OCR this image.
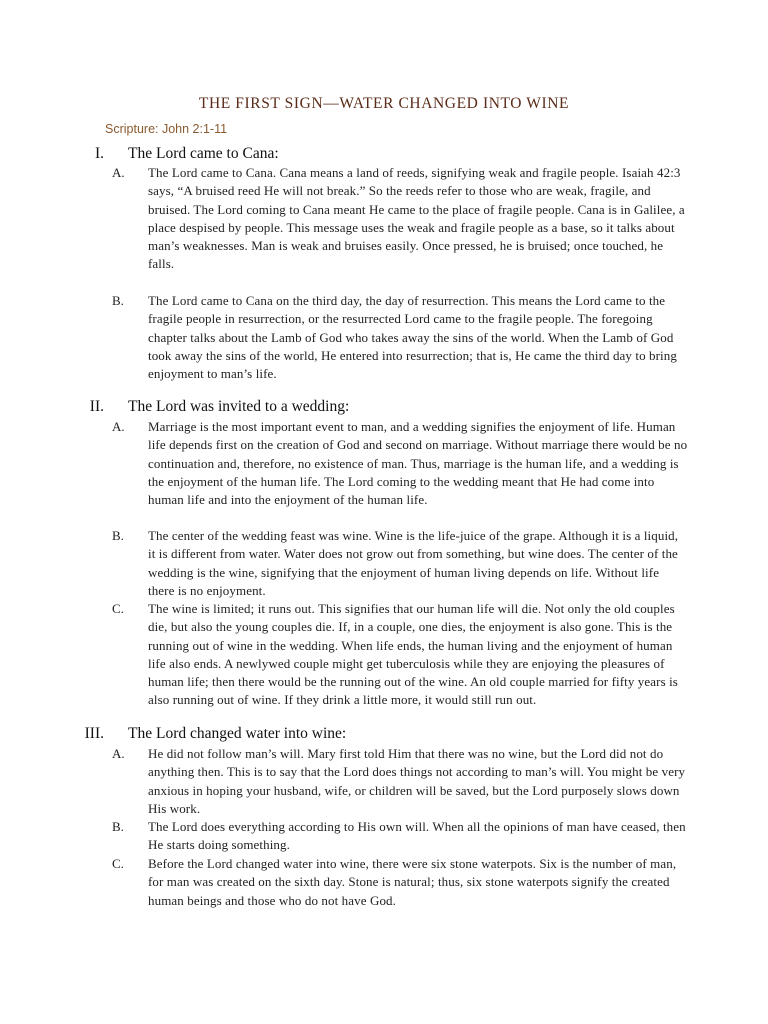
THE FIRST SIGN—WATER CHANGED INTO WINE
Scripture: John 2:1-11
I. The Lord came to Cana:
A. The Lord came to Cana. Cana means a land of reeds, signifying weak and fragile people. Isaiah 42:3 says, “A bruised reed He will not break.” So the reeds refer to those who are weak, fragile, and bruised. The Lord coming to Cana meant He came to the place of fragile people. Cana is in Galilee, a place despised by people. This message uses the weak and fragile people as a base, so it talks about man’s weaknesses. Man is weak and bruises easily. Once pressed, he is bruised; once touched, he falls.
B. The Lord came to Cana on the third day, the day of resurrection. This means the Lord came to the fragile people in resurrection, or the resurrected Lord came to the fragile people. The foregoing chapter talks about the Lamb of God who takes away the sins of the world. When the Lamb of God took away the sins of the world, He entered into resurrection; that is, He came the third day to bring enjoyment to man’s life.
II. The Lord was invited to a wedding:
A. Marriage is the most important event to man, and a wedding signifies the enjoyment of life. Human life depends first on the creation of God and second on marriage. Without marriage there would be no continuation and, therefore, no existence of man. Thus, marriage is the human life, and a wedding is the enjoyment of the human life. The Lord coming to the wedding meant that He had come into human life and into the enjoyment of the human life.
B. The center of the wedding feast was wine. Wine is the life-juice of the grape. Although it is a liquid, it is different from water. Water does not grow out from something, but wine does. The center of the wedding is the wine, signifying that the enjoyment of human living depends on life. Without life there is no enjoyment.
C. The wine is limited; it runs out. This signifies that our human life will die. Not only the old couples die, but also the young couples die. If, in a couple, one dies, the enjoyment is also gone. This is the running out of wine in the wedding. When life ends, the human living and the enjoyment of human life also ends. A newlywed couple might get tuberculosis while they are enjoying the pleasures of human life; then there would be the running out of the wine. An old couple married for fifty years is also running out of wine. If they drink a little more, it would still run out.
III. The Lord changed water into wine:
A. He did not follow man’s will. Mary first told Him that there was no wine, but the Lord did not do anything then. This is to say that the Lord does things not according to man’s will. You might be very anxious in hoping your husband, wife, or children will be saved, but the Lord purposely slows down His work.
B. The Lord does everything according to His own will. When all the opinions of man have ceased, then He starts doing something.
C. Before the Lord changed water into wine, there were six stone waterpots. Six is the number of man, for man was created on the sixth day. Stone is natural; thus, six stone waterpots signify the created human beings and those who do not have God.
